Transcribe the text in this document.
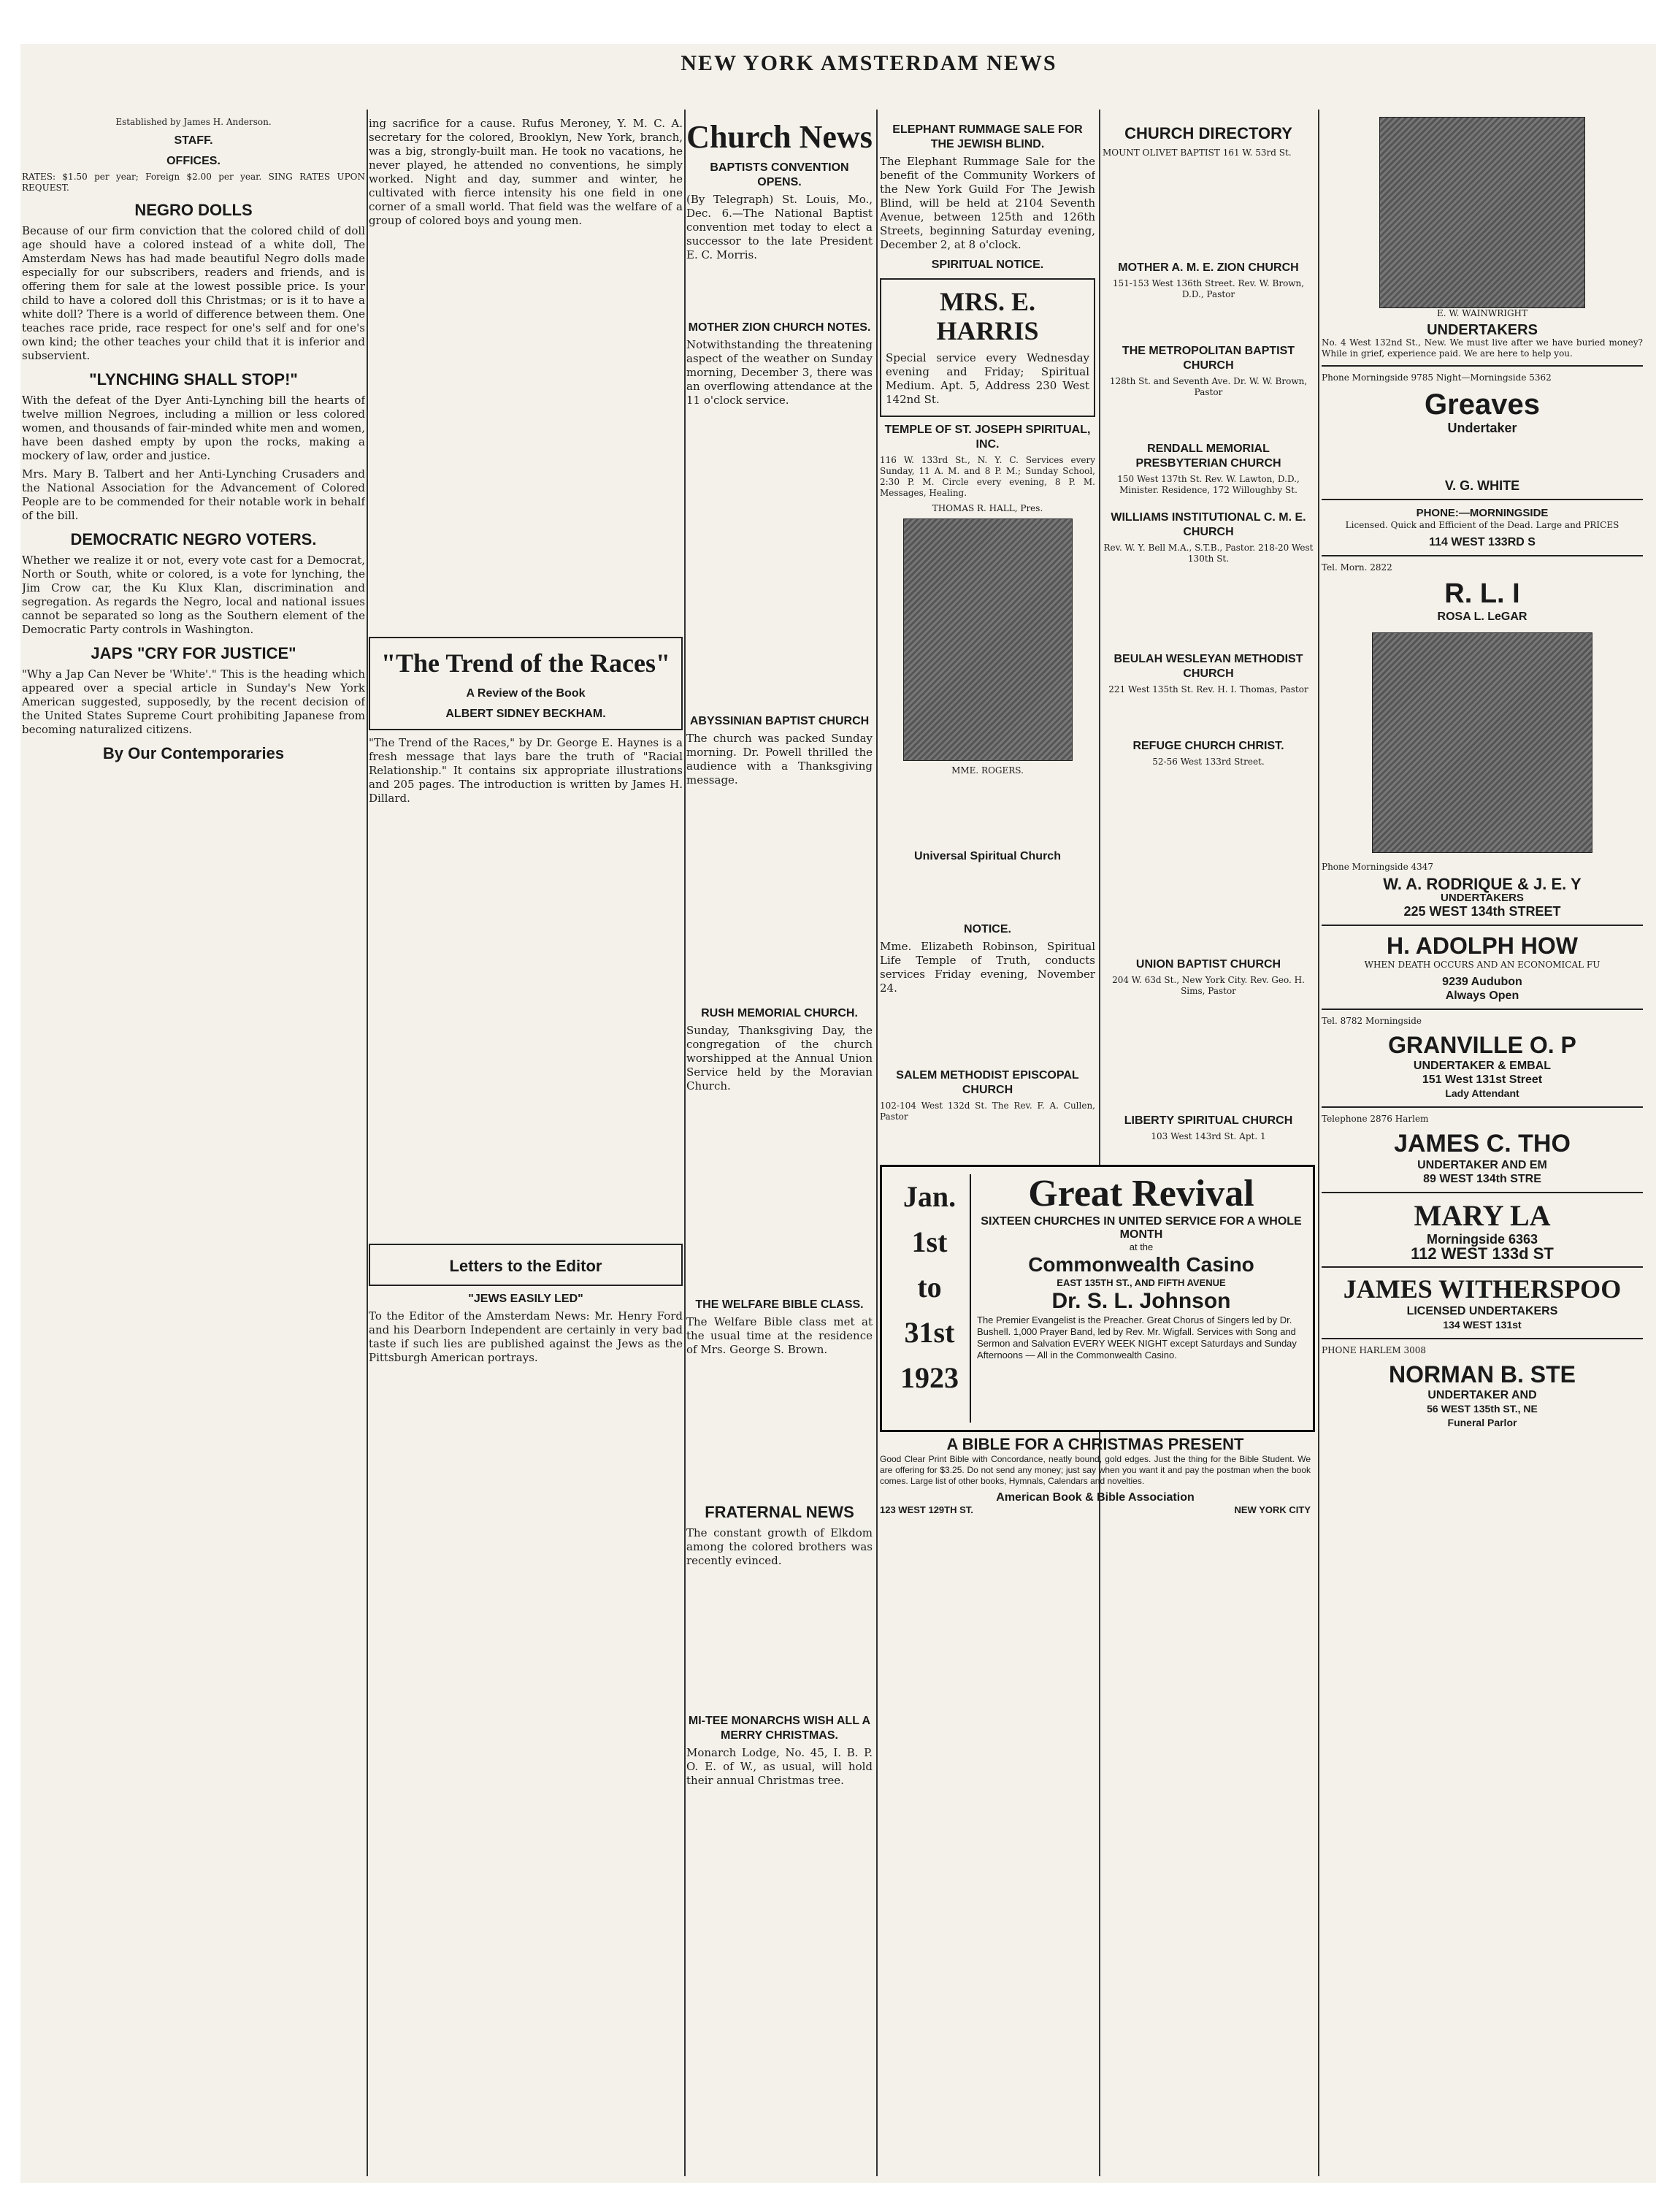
NEW YORK AMSTERDAM NEWS

Established by James H. Anderson.

STAFF.
OFFICES.

RATES: $1.50 per year; Foreign $2.00 per year. SING RATES UPON REQUEST.

NEGRO DOLLS

Because of our firm conviction that the colored child of doll age should have a colored instead of a white doll, The Amsterdam News has had made beautiful Negro dolls made especially for our subscribers, readers and friends, and is offering them for sale at the lowest possible price. Is your child to have a colored doll this Christmas; or is it to have a white doll? There is a world of difference between them. One teaches race pride, race respect for one's self and for one's own kind; the other teaches your child that it is inferior and subservient.

"LYNCHING SHALL STOP!"

With the defeat of the Dyer Anti-Lynching bill the hearts of twelve million Negroes, including a million or less colored women, and thousands of fair-minded white men and women, have been dashed empty by upon the rocks, making a mockery of law, order and justice.

Mrs. Mary B. Talbert and her Anti-Lynching Crusaders and the National Association for the Advancement of Colored People are to be commended for their notable work in behalf of the bill.

DEMOCRATIC NEGRO VOTERS.

Whether we realize it or not, every vote cast for a Democrat, North or South, white or colored, is a vote for lynching, the Jim Crow car, the Ku Klux Klan, discrimination and segregation. As regards the Negro, local and national issues cannot be separated so long as the Southern element of the Democratic Party controls in Washington.

JAPS "CRY FOR JUSTICE"

"Why a Jap Can Never be 'White'." This is the heading which appeared over a special article in Sunday's New York American suggested, supposedly, by the recent decision of the United States Supreme Court prohibiting Japanese from becoming naturalized citizens.

By Our Contemporaries

ing sacrifice for a cause. Rufus Meroney, Y. M. C. A. secretary for the colored, Brooklyn, New York, branch, was a big, strongly-built man. He took no vacations, he never played, he attended no conventions, he simply worked. Night and day, summer and winter, he cultivated with fierce intensity his one field in one corner of a small world. That field was the welfare of a group of colored boys and young men.

"The Trend of the Races"
A Review of the Book
ALBERT SIDNEY BECKHAM.

"The Trend of the Races," by Dr. George E. Haynes is a fresh message that lays bare the truth of "Racial Relationship." It contains six appropriate illustrations and 205 pages. The introduction is written by James H. Dillard.

Letters to the Editor
"JEWS EASILY LED"

To the Editor of the Amsterdam News: Mr. Henry Ford and his Dearborn Independent are certainly in very bad taste if such lies are published against the Jews as the Pittsburgh American portrays.

Church News
BAPTISTS CONVENTION OPENS.

(By Telegraph) St. Louis, Mo., Dec. 6.—The National Baptist convention met today to elect a successor to the late President E. C. Morris.

MOTHER ZION CHURCH NOTES.

Notwithstanding the threatening aspect of the weather on Sunday morning, December 3, there was an overflowing attendance at the 11 o'clock service.

ABYSSINIAN BAPTIST CHURCH

The church was packed Sunday morning. Dr. Powell thrilled the audience with a Thanksgiving message.

RUSH MEMORIAL CHURCH.

Sunday, Thanksgiving Day, the congregation of the church worshipped at the Annual Union Service held by the Moravian Church.

THE WELFARE BIBLE CLASS.

The Welfare Bible class met at the usual time at the residence of Mrs. George S. Brown.

FRATERNAL NEWS

The constant growth of Elkdom among the colored brothers was recently evinced.

MI-TEE MONARCHS WISH ALL A MERRY CHRISTMAS.

Monarch Lodge, No. 45, I. B. P. O. E. of W., as usual, will hold their annual Christmas tree.

ELEPHANT RUMMAGE SALE FOR THE JEWISH BLIND.

The Elephant Rummage Sale for the benefit of the Community Workers of the New York Guild For The Jewish Blind, will be held at 2104 Seventh Avenue, between 125th and 126th Streets, beginning Saturday evening, December 2, at 8 o'clock.

SPIRITUAL NOTICE.
MRS. E. HARRIS

Special service every Wednesday evening and Friday; Spiritual Medium. Apt. 5, Address 230 West 142nd St.

TEMPLE OF ST. JOSEPH SPIRITUAL, INC.

116 W. 133rd St., N. Y. C. Services every Sunday, 11 A. M. and 8 P. M.; Sunday School, 2:30 P. M. Circle every evening, 8 P. M. Messages, Healing.

THOMAS R. HALL, Pres.

MME. ROGERS.

Universal Spiritual Church
NOTICE.

Mme. Elizabeth Robinson, Spiritual Life Temple of Truth, conducts services Friday evening, November 24.

SALEM METHODIST EPISCOPAL CHURCH

102-104 West 132d St. The Rev. F. A. Cullen, Pastor

CHURCH DIRECTORY

MOUNT OLIVET BAPTIST 161 W. 53rd St.

MOTHER A. M. E. ZION CHURCH

151-153 West 136th Street. Rev. W. Brown, D.D., Pastor

THE METROPOLITAN BAPTIST CHURCH

128th St. and Seventh Ave. Dr. W. W. Brown, Pastor

RENDALL MEMORIAL PRESBYTERIAN CHURCH

150 West 137th St. Rev. W. Lawton, D.D., Minister. Residence, 172 Willoughby St.

WILLIAMS INSTITUTIONAL C. M. E. CHURCH

Rev. W. Y. Bell M.A., S.T.B., Pastor. 218-20 West 130th St.

BEULAH WESLEYAN METHODIST CHURCH

221 West 135th St. Rev. H. I. Thomas, Pastor

REFUGE CHURCH CHRIST.

52-56 West 133rd Street.

UNION BAPTIST CHURCH

204 W. 63d St., New York City. Rev. Geo. H. Sims, Pastor

LIBERTY SPIRITUAL CHURCH

103 West 143rd St. Apt. 1

E. W. WAINWRIGHT

UNDERTAKERS

No. 4 West 132nd St., New. We must live after we have buried money? While in grief, experience paid. We are here to help you.

Phone Morningside 9785 Night—Morningside 5362

Greaves
Undertaker
V. G. WHITE
PHONE:—MORNINGSIDE

Licensed. Quick and Efficient of the Dead. Large and PRICES

114 WEST 133RD S

Tel. Morn. 2822

R. L. I
ROSA L. LeGAR

Phone Morningside 4347

W. A. RODRIQUE & J. E. Y
UNDERTAKERS
225 WEST 134th STREET
H. ADOLPH HOW

WHEN DEATH OCCURS AND AN ECONOMICAL FU

9239 Audubon
Always Open

Tel. 8782 Morningside

GRANVILLE O. P
UNDERTAKER & EMBAL
151 West 131st Street
Lady Attendant

Telephone 2876 Harlem

JAMES C. THO
UNDERTAKER AND EM
89 WEST 134th STRE
MARY LA
Morningside 6363
112 WEST 133d ST
JAMES WITHERSPOO
LICENSED UNDERTAKERS
134 WEST 131st

PHONE HARLEM 3008

NORMAN B. STE
UNDERTAKER AND
56 WEST 135th ST., NE
Funeral Parlor
Jan.
1st
to
31st
1923
Great Revival
SIXTEEN CHURCHES IN UNITED SERVICE FOR A WHOLE MONTH
at the
Commonwealth Casino
EAST 135TH ST., AND FIFTH AVENUE
Dr. S. L. Johnson
The Premier Evangelist is the Preacher. Great Chorus of Singers led by Dr. Bushell. 1,000 Prayer Band, led by Rev. Mr. Wigfall. Services with Song and Sermon and Salvation EVERY WEEK NIGHT except Saturdays and Sunday Afternoons — All in the Commonwealth Casino.
A BIBLE FOR A CHRISTMAS PRESENT

Good Clear Print Bible with Concordance, neatly bound, gold edges. Just the thing for the Bible Student. We are offering for $3.25. Do not send any money; just say when you want it and pay the postman when the book comes. Large list of other books, Hymnals, Calendars and novelties.

American Book & Bible Association
123 WEST 129TH ST.	NEW YORK CITY
